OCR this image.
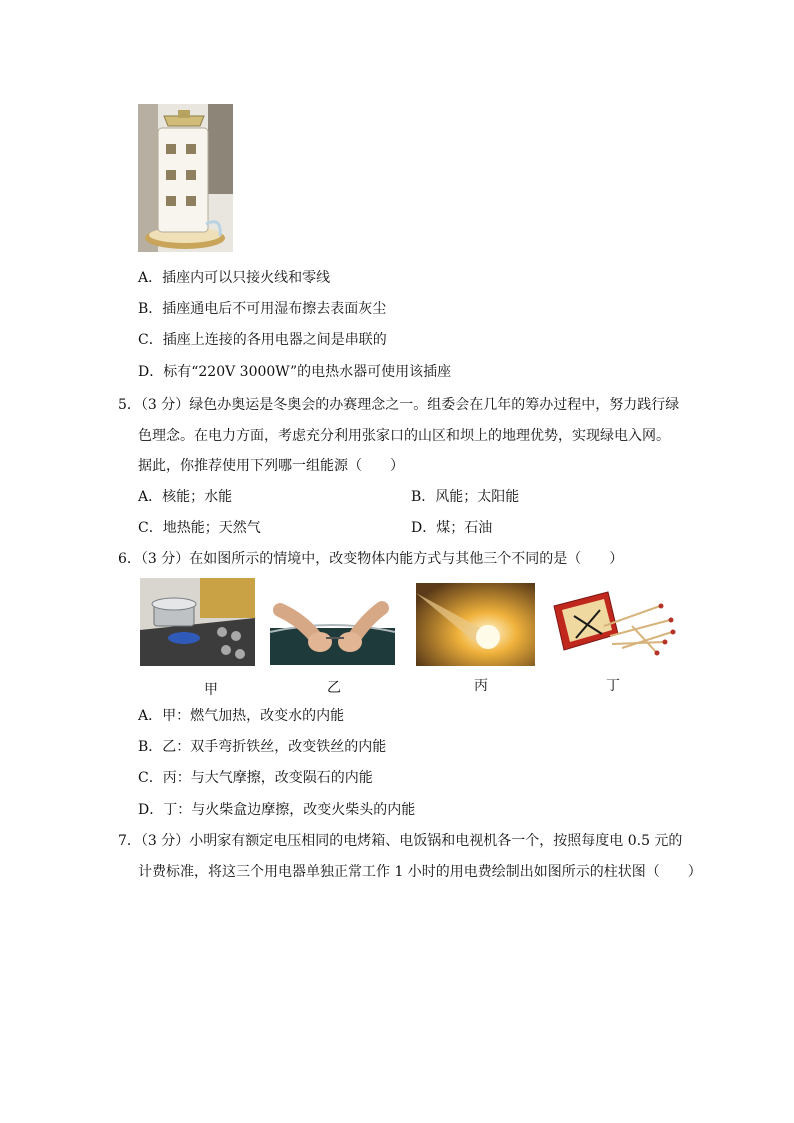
A．插座内可以只接火线和零线
B．插座通电后不可用湿布擦去表面灰尘
C．插座上连接的各用电器之间是串联的
D．标有“220V 3000W”的电热水器可使用该插座
5．（3 分）绿色办奥运是冬奥会的办赛理念之一。组委会在几年的筹办过程中，努力践行绿
色理念。在电力方面，考虑充分利用张家口的山区和坝上的地理优势，实现绿电入网。
据此，你推荐使用下列哪一组能源（　　）
A．核能；水能	B．风能；太阳能
C．地热能；天然气	D．煤；石油
6．（3 分）在如图所示的情境中，改变物体内能方式与其他三个不同的是（　　）
甲	乙	丙	丁
A．甲：燃气加热，改变水的内能
B．乙：双手弯折铁丝，改变铁丝的内能
C．丙：与大气摩擦，改变陨石的内能
D．丁：与火柴盒边摩擦，改变火柴头的内能
7．（3 分）小明家有额定电压相同的电烤箱、电饭锅和电视机各一个，按照每度电 0.5 元的
计费标准，将这三个用电器单独正常工作 1 小时的用电费绘制出如图所示的柱状图（　　）
